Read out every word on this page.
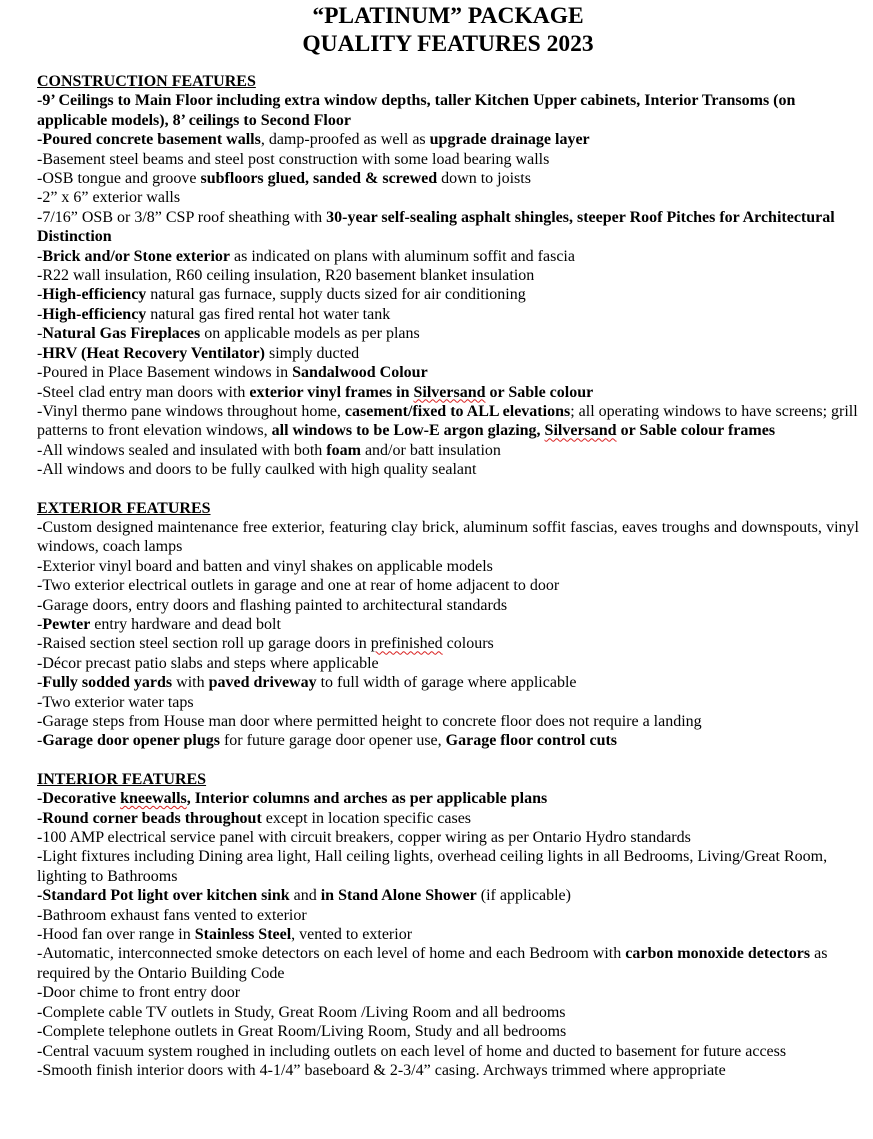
“PLATINUM” PACKAGE
QUALITY FEATURES 2023
CONSTRUCTION FEATURES
-9’ Ceilings to Main Floor including extra window depths, taller Kitchen Upper cabinets, Interior Transoms (on applicable models), 8’ ceilings to Second Floor
-Poured concrete basement walls, damp-proofed as well as upgrade drainage layer
-Basement steel beams and steel post construction with some load bearing walls
-OSB tongue and groove subfloors glued, sanded & screwed down to joists
-2” x 6” exterior walls
-7/16” OSB or 3/8” CSP roof sheathing with 30-year self-sealing asphalt shingles, steeper Roof Pitches for Architectural Distinction
-Brick and/or Stone exterior as indicated on plans with aluminum soffit and fascia
-R22 wall insulation, R60 ceiling insulation, R20 basement blanket insulation
-High-efficiency natural gas furnace, supply ducts sized for air conditioning
-High-efficiency natural gas fired rental hot water tank
-Natural Gas Fireplaces on applicable models as per plans
-HRV (Heat Recovery Ventilator) simply ducted
-Poured in Place Basement windows in Sandalwood Colour
-Steel clad entry man doors with exterior vinyl frames in Silversand or Sable colour
-Vinyl thermo pane windows throughout home, casement/fixed to ALL elevations; all operating windows to have screens; grill patterns to front elevation windows, all windows to be Low-E argon glazing, Silversand or Sable colour frames
-All windows sealed and insulated with both foam and/or batt insulation
-All windows and doors to be fully caulked with high quality sealant
EXTERIOR FEATURES
-Custom designed maintenance free exterior, featuring clay brick, aluminum soffit fascias, eaves troughs and downspouts, vinyl windows, coach lamps
-Exterior vinyl board and batten and vinyl shakes on applicable models
-Two exterior electrical outlets in garage and one at rear of home adjacent to door
-Garage doors, entry doors and flashing painted to architectural standards
-Pewter entry hardware and dead bolt
-Raised section steel section roll up garage doors in prefinished colours
-Décor precast patio slabs and steps where applicable
-Fully sodded yards with paved driveway to full width of garage where applicable
-Two exterior water taps
-Garage steps from House man door where permitted height to concrete floor does not require a landing
-Garage door opener plugs for future garage door opener use, Garage floor control cuts
INTERIOR FEATURES
-Decorative kneewalls, Interior columns and arches as per applicable plans
-Round corner beads throughout except in location specific cases
-100 AMP electrical service panel with circuit breakers, copper wiring as per Ontario Hydro standards
-Light fixtures including Dining area light, Hall ceiling lights, overhead ceiling lights in all Bedrooms, Living/Great Room, lighting to Bathrooms
-Standard Pot light over kitchen sink and in Stand Alone Shower (if applicable)
-Bathroom exhaust fans vented to exterior
-Hood fan over range in Stainless Steel, vented to exterior
-Automatic, interconnected smoke detectors on each level of home and each Bedroom with carbon monoxide detectors as required by the Ontario Building Code
-Door chime to front entry door
-Complete cable TV outlets in Study, Great Room /Living Room and all bedrooms
-Complete telephone outlets in Great Room/Living Room, Study and all bedrooms
-Central vacuum system roughed in including outlets on each level of home and ducted to basement for future access
-Smooth finish interior doors with 4-1/4” baseboard & 2-3/4” casing. Archways trimmed where appropriate
